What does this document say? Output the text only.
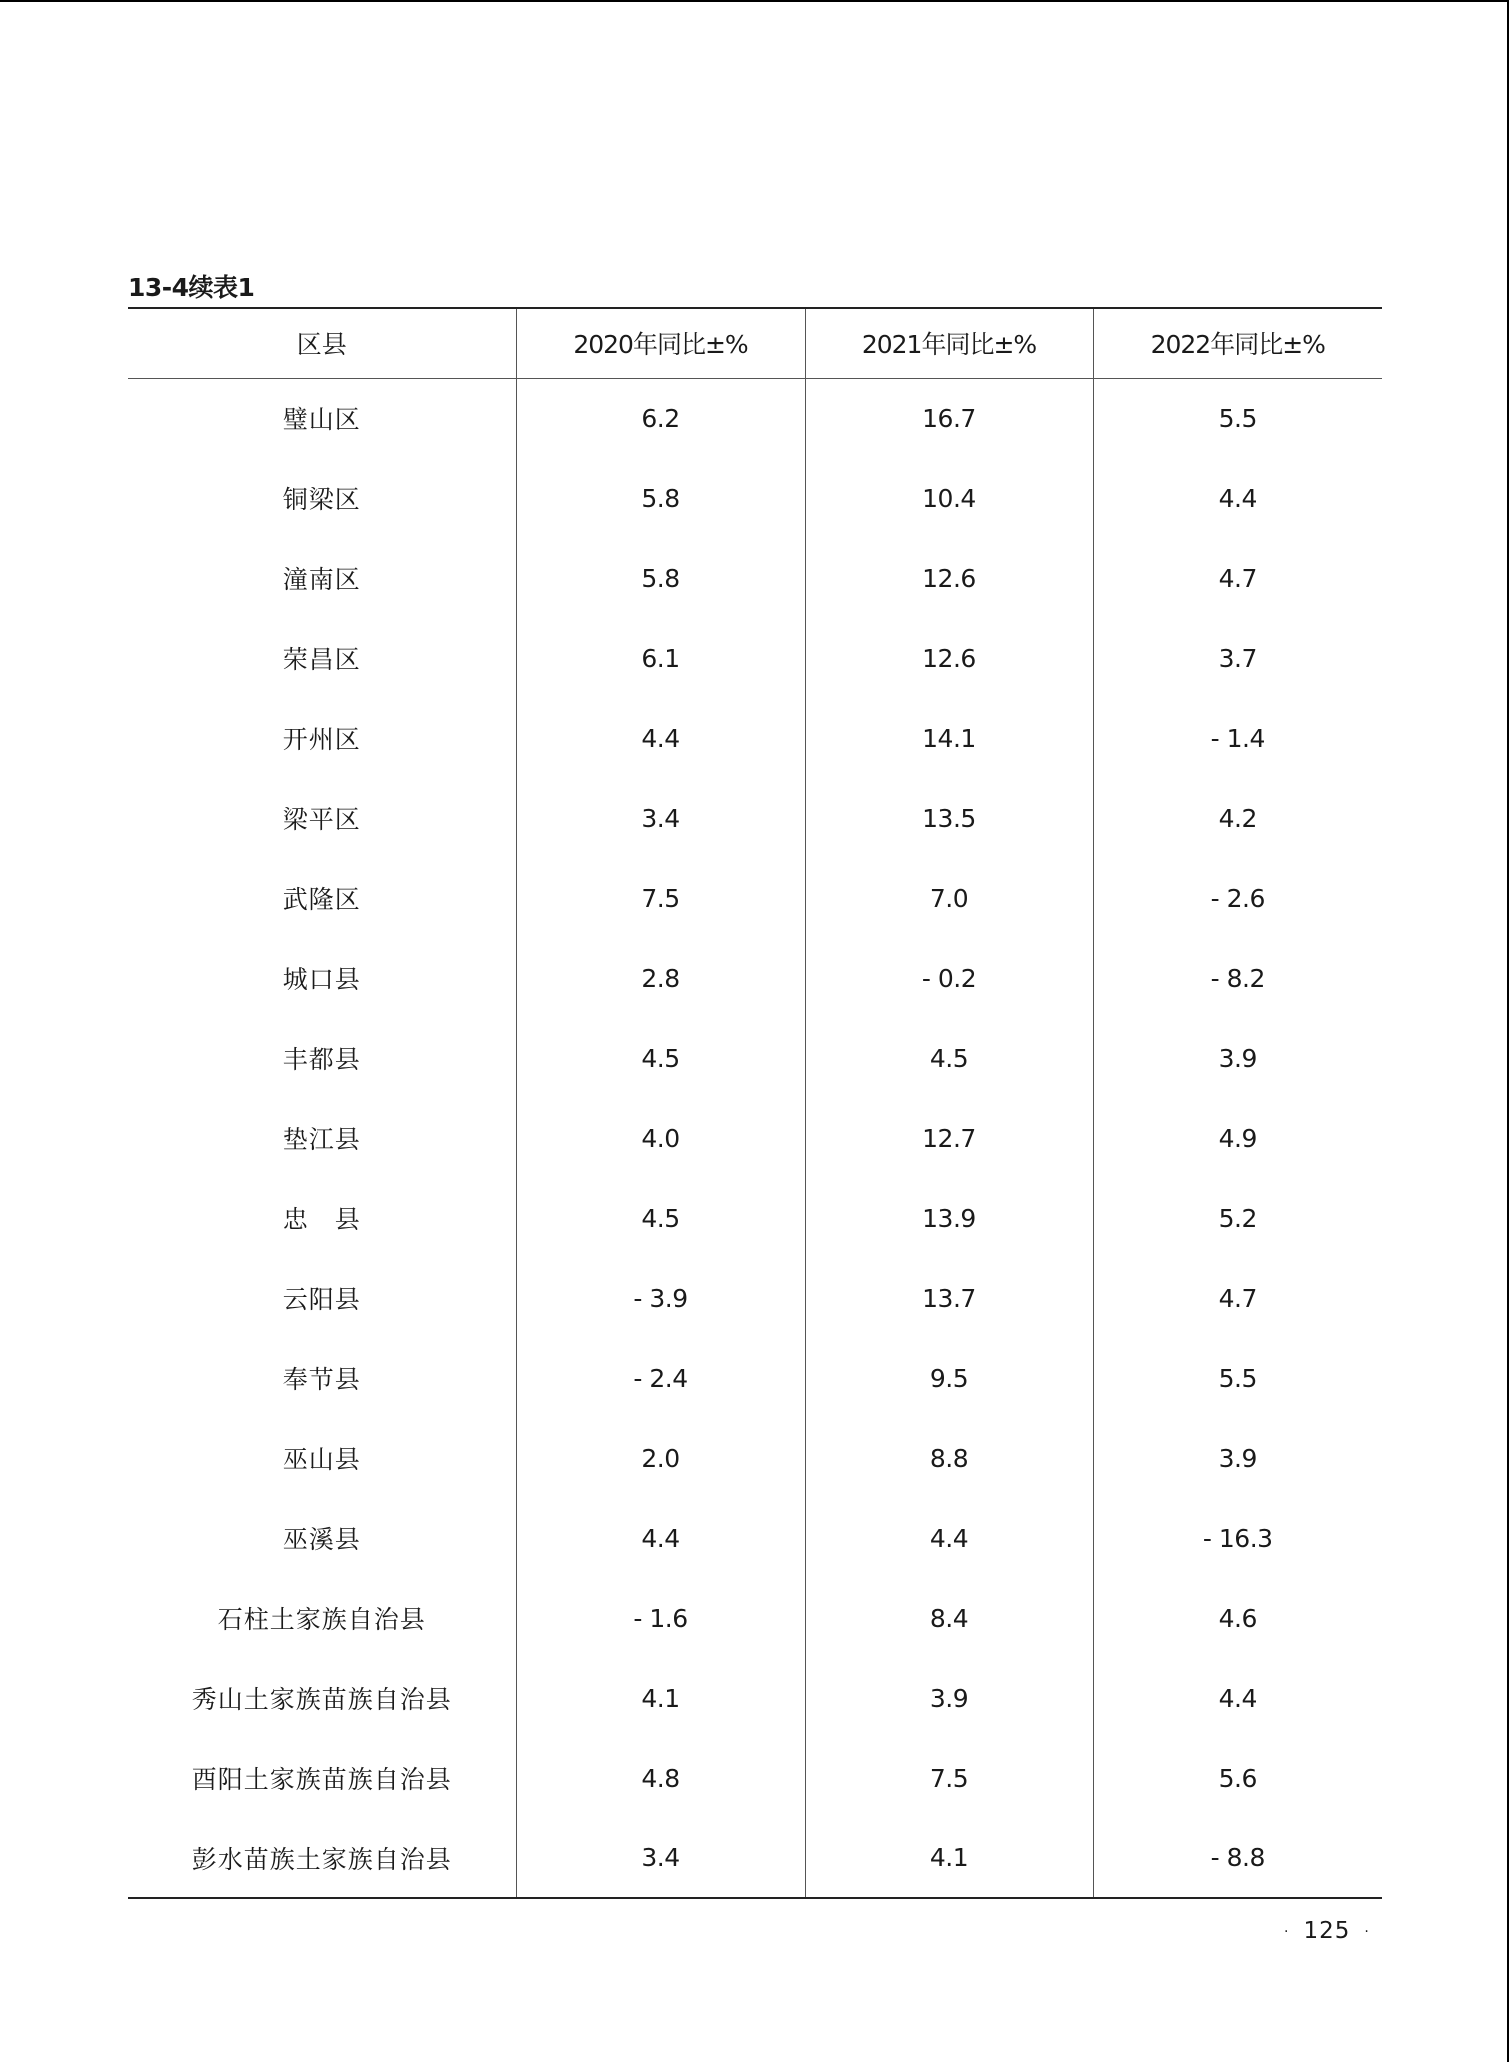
13-4续表1
区县	2020年同比±%	2021年同比±%	2022年同比±%
璧山区	6.2	16.7	5.5
铜梁区	5.8	10.4	4.4
潼南区	5.8	12.6	4.7
荣昌区	6.1	12.6	3.7
开州区	4.4	14.1	- 1.4
梁平区	3.4	13.5	4.2
武隆区	7.5	7.0	- 2.6
城口县	2.8	- 0.2	- 8.2
丰都县	4.5	4.5	3.9
垫江县	4.0	12.7	4.9
忠　县	4.5	13.9	5.2
云阳县	- 3.9	13.7	4.7
奉节县	- 2.4	9.5	5.5
巫山县	2.0	8.8	3.9
巫溪县	4.4	4.4	- 16.3
石柱土家族自治县	- 1.6	8.4	4.6
秀山土家族苗族自治县	4.1	3.9	4.4
酉阳土家族苗族自治县	4.8	7.5	5.6
彭水苗族土家族自治县	3.4	4.1	- 8.8
· 125 ·
